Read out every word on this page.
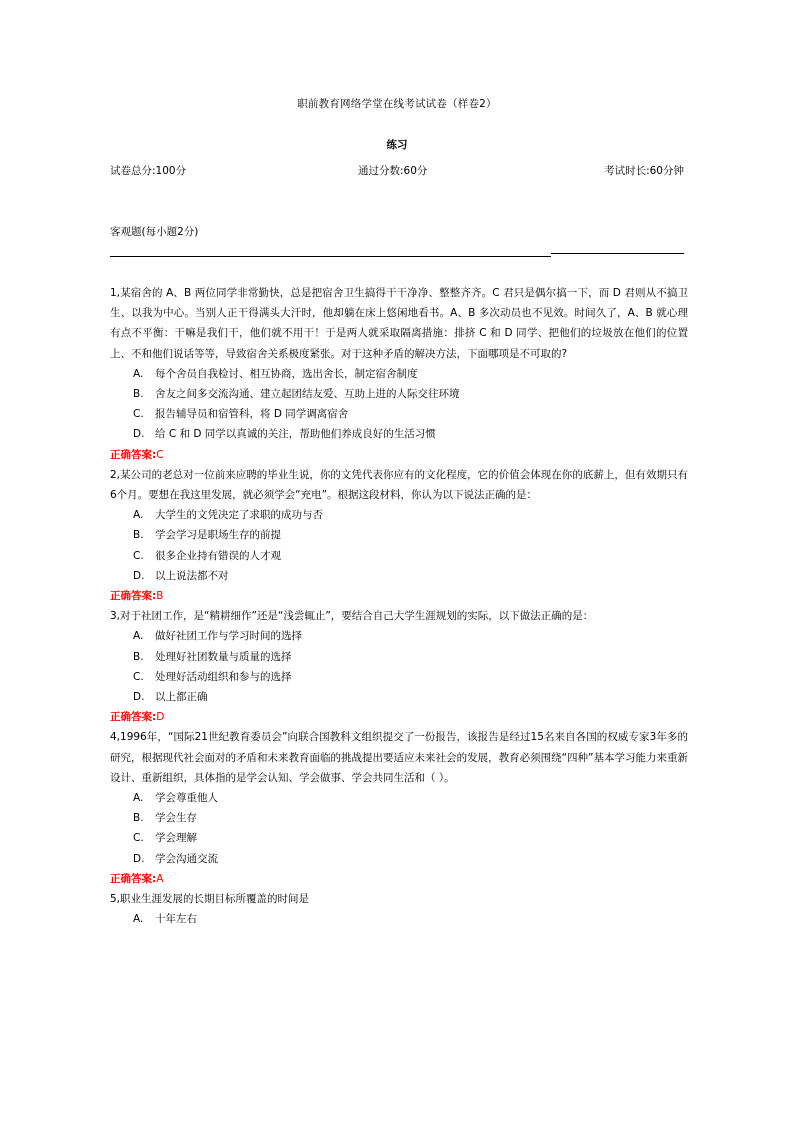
职前教育网络学堂在线考试试卷（样卷2）
练习
试卷总分:100分	通过分数:60分	考试时长:60分钟
客观题(每小题2分)

1,某宿舍的 A、B 两位同学非常勤快，总是把宿舍卫生搞得干干净净、整整齐齐。C 君只是偶尔搞一下，而 D 君则从不搞卫生、以我为中心。当别人正干得满头大汗时，他却躺在床上悠闲地看书。A、B 多次动员也不见效。时间久了，A、B 就心理有点不平衡：干嘛是我们干，他们就不用干！于是两人就采取隔离措施：排挤 C 和 D 同学、把他们的垃圾放在他们的位置上、不和他们说话等等，导致宿舍关系极度紧张。对于这种矛盾的解决方法，下面哪项是不可取的?

A. 每个舍员自我检讨、相互协商，选出舍长，制定宿舍制度
B. 舍友之间多交流沟通、建立起团结友爱、互助上进的人际交往环境
C. 报告辅导员和宿管科，将 D 同学调离宿舍
D. 给 C 和 D 同学以真诚的关注，帮助他们养成良好的生活习惯

正确答案:C

2,某公司的老总对一位前来应聘的毕业生说，你的文凭代表你应有的文化程度，它的价值会体现在你的底薪上，但有效期只有6个月。要想在我这里发展，就必须学会“充电”。根据这段材料，你认为以下说法正确的是：

A. 大学生的文凭决定了求职的成功与否
B. 学会学习是职场生存的前提
C. 很多企业持有错误的人才观
D. 以上说法都不对

正确答案:B

3,对于社团工作，是“精耕细作”还是“浅尝辄止”，要结合自己大学生涯规划的实际，以下做法正确的是：

A. 做好社团工作与学习时间的选择
B. 处理好社团数量与质量的选择
C. 处理好活动组织和参与的选择
D. 以上都正确

正确答案:D

4,1996年，“国际21世纪教育委员会”向联合国教科文组织提交了一份报告，该报告是经过15名来自各国的权威专家3年多的研究，根据现代社会面对的矛盾和未来教育面临的挑战提出要适应未来社会的发展，教育必须围绕“四种”基本学习能力来重新设计、重新组织，具体指的是学会认知、学会做事、学会共同生活和（ ）。

A. 学会尊重他人
B. 学会生存
C. 学会理解
D. 学会沟通交流

正确答案:A

5,职业生涯发展的长期目标所覆盖的时间是

A. 十年左右
